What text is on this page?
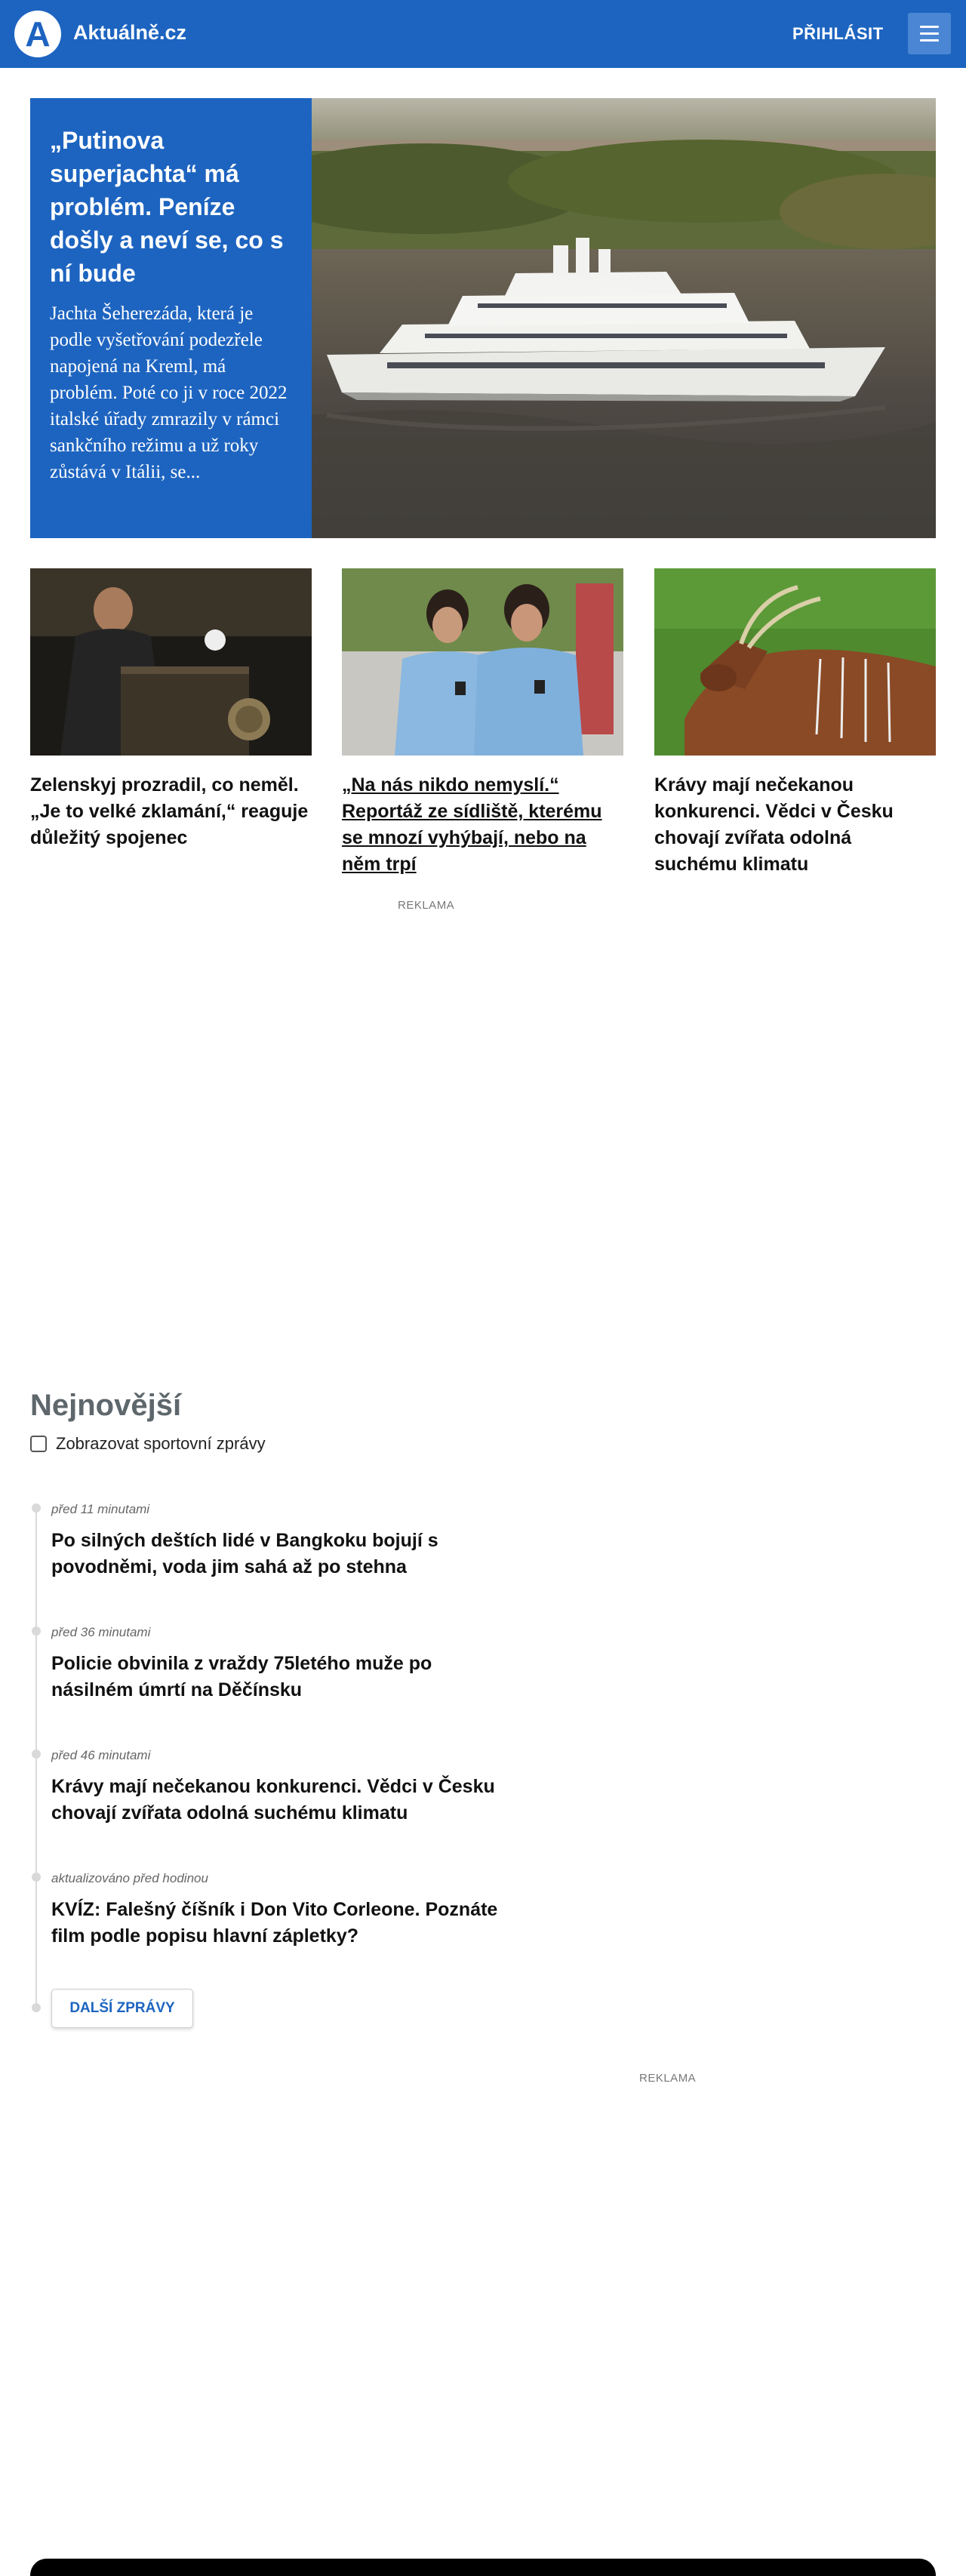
A Aktuálně.cz	PŘIHLÁSIT
„Putinova superjachta“ má problém. Peníze došly a neví se, co s ní bude
Jachta Šeherezáda, která je podle vyšetřování podezřele napojená na Kreml, má problém. Poté co ji v roce 2022 italské úřady zmrazily v rámci sankčního režimu a už roky zůstává v Itálii, se...
Zelenskyj prozradil, co neměl. „Je to velké zklamání,“ reaguje důležitý spojenec
„Na nás nikdo nemyslí.“ Reportáž ze sídliště, kterému se mnozí vyhýbají, nebo na něm trpí
Krávy mají nečekanou konkurenci. Vědci v Česku chovají zvířata odolná suchému klimatu
REKLAMA
Nejnovější
Zobrazovat sportovní zprávy
před 11 minutami
Po silných deštích lidé v Bangkoku bojují s povodněmi, voda jim sahá až po stehna
před 36 minutami
Policie obvinila z vraždy 75letého muže po násilném úmrtí na Děčínsku
před 46 minutami
Krávy mají nečekanou konkurenci. Vědci v Česku chovají zvířata odolná suchému klimatu
aktualizováno před hodinou
KVÍZ: Falešný číšník i Don Vito Corleone. Poznáte film podle popisu hlavní zápletky?
DALŠÍ ZPRÁVY
REKLAMA
